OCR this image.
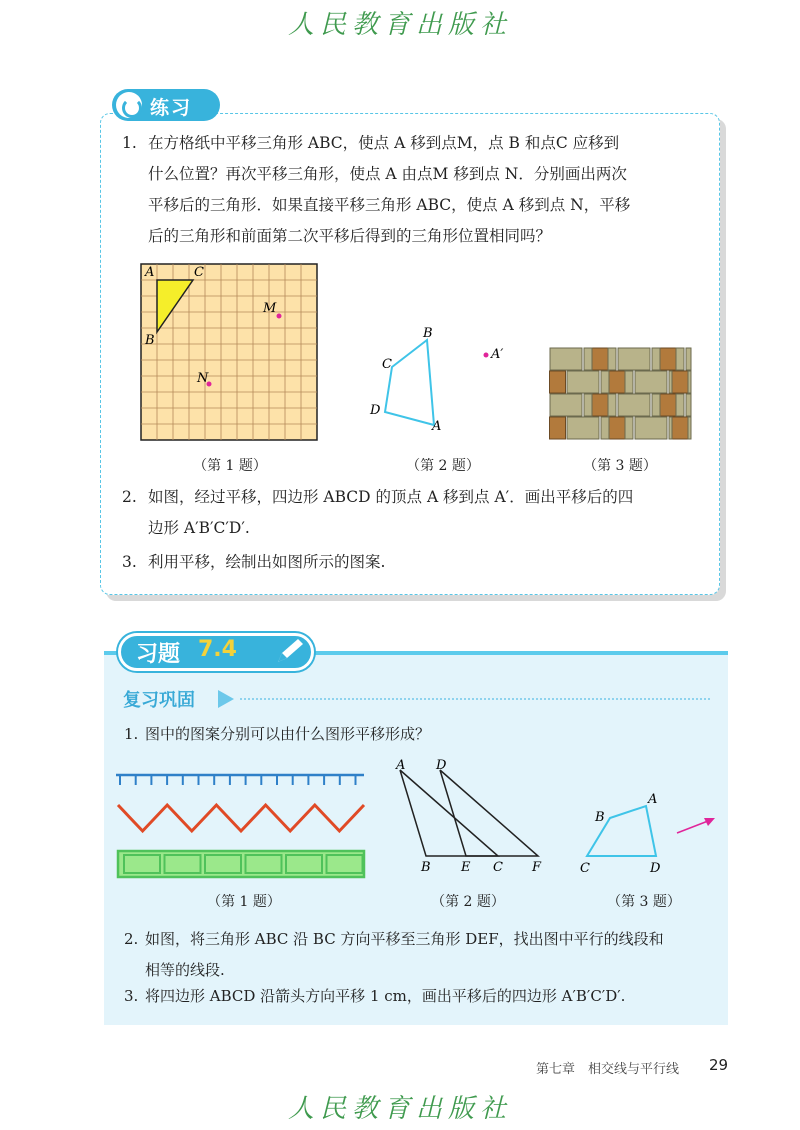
人民教育出版社
练习
1. 在方格纸中平移三角形 ABC，使点 A 移到点M，点 B 和点C 应移到
什么位置？再次平移三角形，使点 A 由点M 移到点 N．分别画出两次
平移后的三角形．如果直接平移三角形 ABC，使点 A 移到点 N，平移
后的三角形和前面第二次平移后得到的三角形位置相同吗？
A	C
B
M
N
（第 1 题）
B
C
D
A
A′
（第 2 题）	（第 3 题）
2. 如图，经过平移，四边形 ABCD 的顶点 A 移到点 A′．画出平移后的四
边形 A′B′C′D′.
3. 利用平移，绘制出如图所示的图案.
习题 7.4
复习巩固
1. 图中的图案分别可以由什么图形平移形成？
（第 1 题）
A D
B E C F
（第 2 题）
A
B
C	D
（第 3 题）
2. 如图，将三角形 ABC 沿 BC 方向平移至三角形 DEF，找出图中平行的线段和
相等的线段.
3. 将四边形 ABCD 沿箭头方向平移 1 cm，画出平移后的四边形 A′B′C′D′.
第七章　相交线与平行线 29
人民教育出版社
